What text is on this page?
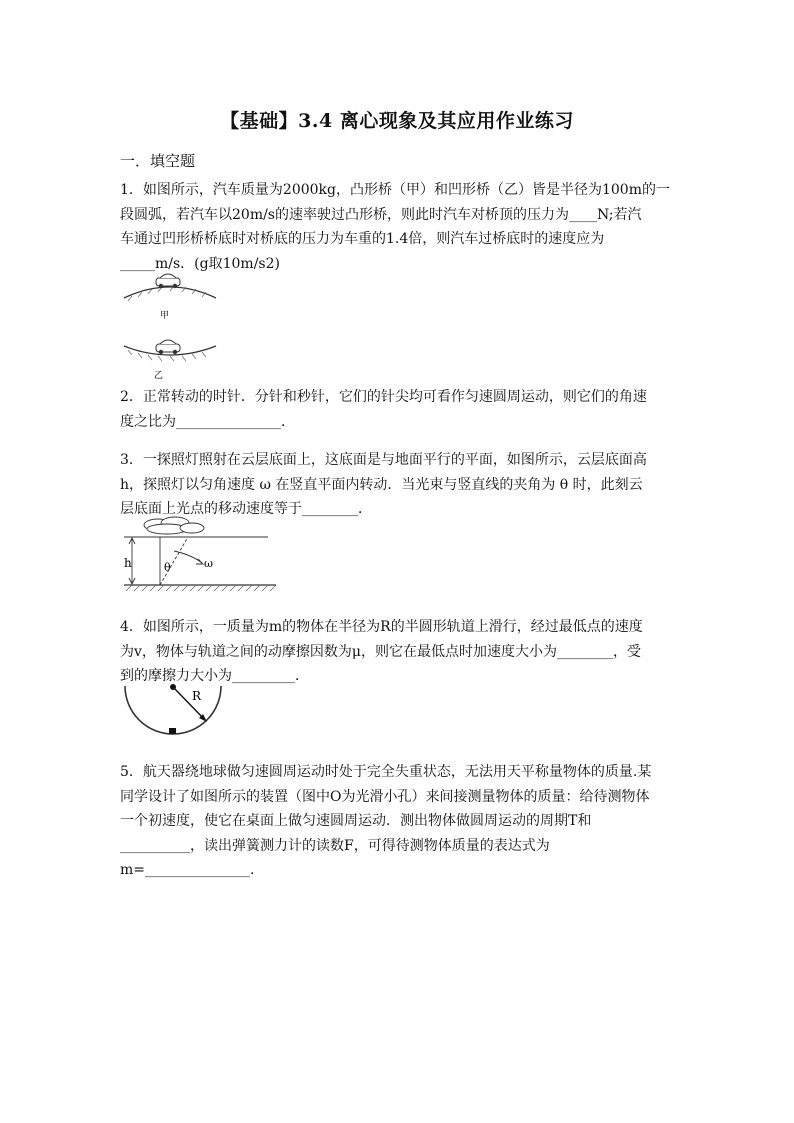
【基础】3.4 离心现象及其应用作业练习
一．填空题

1．如图所示，汽车质量为2000kg，凸形桥（甲）和凹形桥（乙）皆是半径为100m的一

段圆弧，若汽车以20m/s的速率驶过凸形桥，则此时汽车对桥顶的压力为____N;若汽

车通过凹形桥桥底时对桥底的压力为车重的1.4倍，则汽车过桥底时的速度应为

_____m/s．(g取10m/s2)

甲
乙

2．正常转动的时针．分针和秒针，它们的针尖均可看作匀速圆周运动，则它们的角速

度之比为_______________．

3．一探照灯照射在云层底面上，这底面是与地面平行的平面，如图所示，云层底面高

h，探照灯以匀角速度 ω 在竖直平面内转动．当光束与竖直线的夹角为 θ 时，此刻云

层底面上光点的移动速度等于________．

h	θ	ω

4．如图所示，一质量为m的物体在半径为R的半圆形轨道上滑行，经过最低点的速度

为v，物体与轨道之间的动摩擦因数为μ，则它在最低点时加速度大小为________，受

到的摩擦力大小为_________．

R

5．航天器绕地球做匀速圆周运动时处于完全失重状态，无法用天平称量物体的质量.某

同学设计了如图所示的装置（图中O为光滑小孔）来间接测量物体的质量：给待测物体

一个初速度，使它在桌面上做匀速圆周运动．测出物体做圆周运动的周期T和

__________，读出弹簧测力计的读数F，可得待测物体质量的表达式为

m=_______________.
